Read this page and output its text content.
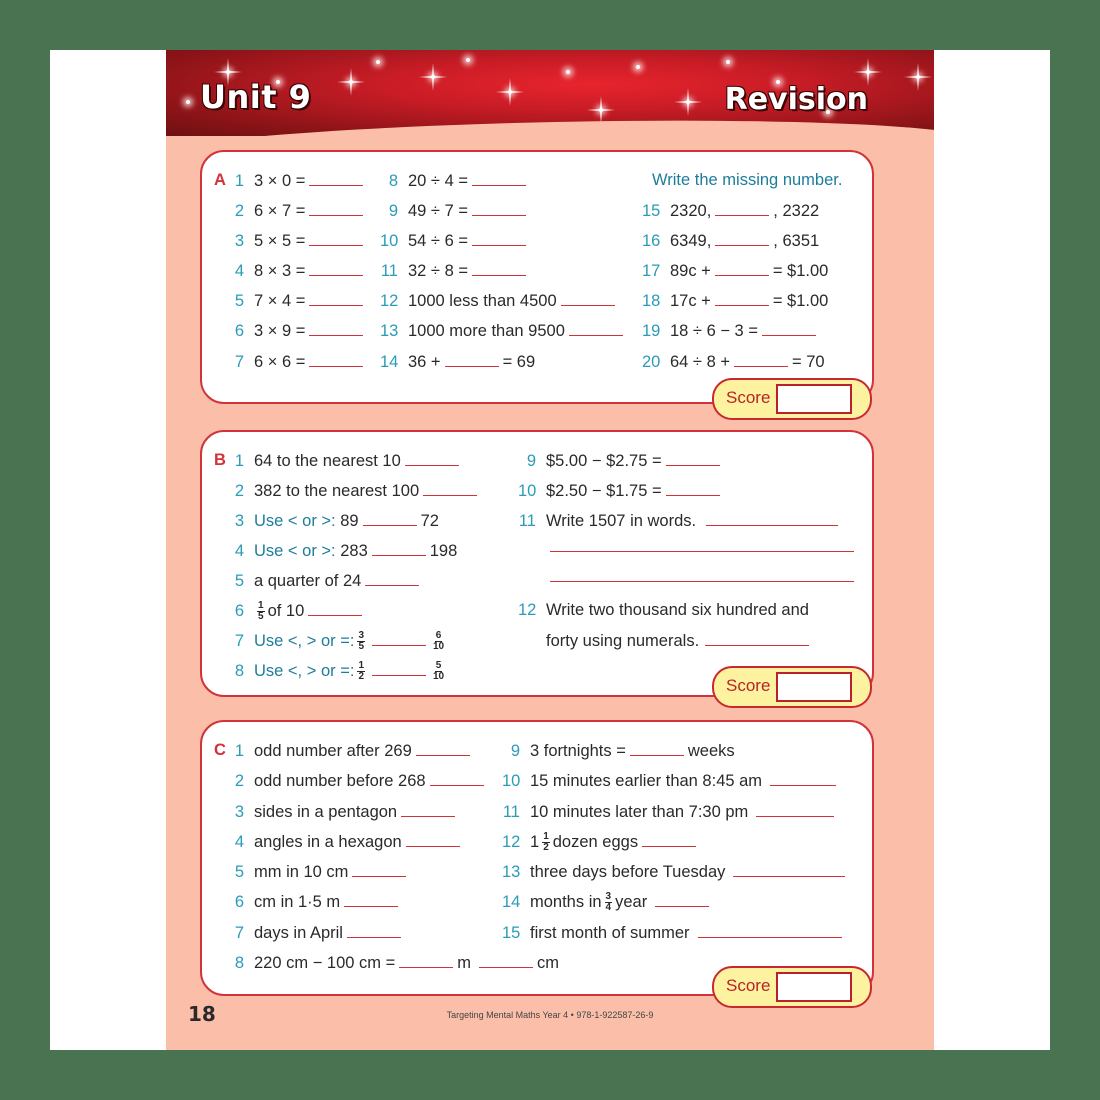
Unit 9	Revision
A 1 3 × 0 =
2 6 × 7 =
3 5 × 5 =
4 8 × 3 =
5 7 × 4 =
6 3 × 9 =
7 6 × 6 =
8 20 ÷ 4 =
9 49 ÷ 7 =
10 54 ÷ 6 =
11 32 ÷ 8 =
12 1000 less than 4500
13 1000 more than 9500
14 36 +	= 69
Write the missing number.
15 2320,	, 2322
16 6349,	, 6351
17 89c +	= $1.00
18 17c +	= $1.00
19 18 ÷ 6 − 3 =
20 64 ÷ 8 +	= 70
Score
B 1 64 to the nearest 10
2 382 to the nearest 100
3 Use < or >: 89	72
4 Use < or >: 283	198
5 a quarter of 24
$6 \frac{1}{5}$ of 10
7 Use <, > or =: $\frac{3}{5}$	$\frac{6}{10}$
8 Use <, > or =: $\frac{1}{2}$	$\frac{5}{10}$
9 $5.00 − $2.75 =
10 $2.50 − $1.75 =
11 Write 1507 in words.
12 Write two thousand six hundred and
forty using numerals.
Score
C 1 odd number after 269
2 odd number before 268
3 sides in a pentagon
4 angles in a hexagon
5 mm in 10 cm
6 cm in 1·5 m
7 days in April
8 220 cm − 100 cm =	m	cm
9 3 fortnights =	weeks
10 15 minutes earlier than 8:45 am
11 10 minutes later than 7:30 pm
12 $1 \frac{1}{2}$ dozen eggs
13 three days before Tuesday
14 months in $\frac{3}{4}$ year
15 first month of summer
Score
18	Targeting Mental Maths Year 4 • 978-1-922587-26-9
